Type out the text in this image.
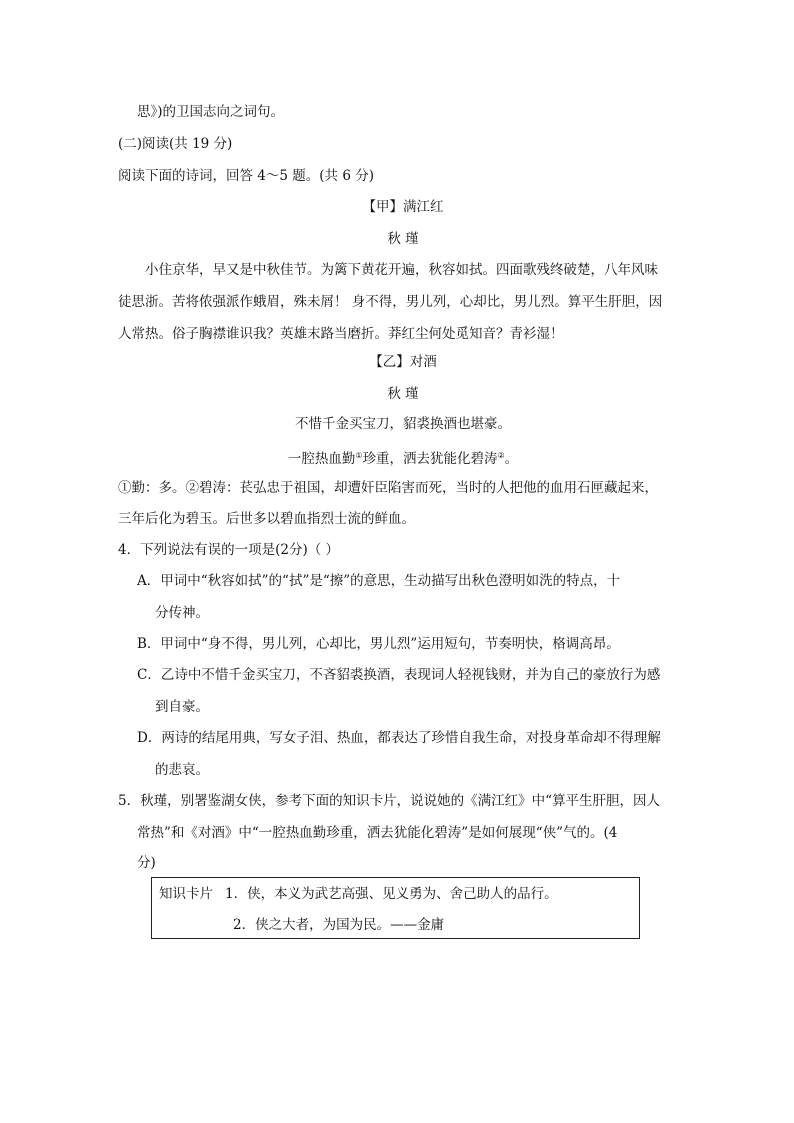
思》)的卫国志向之词句。
(二)阅读(共 19 分)
阅读下面的诗词，回答 4～5 题。(共 6 分)
【甲】满江红
秋 瑾
小住京华，早又是中秋佳节。为篱下黄花开遍，秋容如拭。四面歌残终破楚，八年风味
徒思浙。苦将侬强派作蛾眉，殊未屑！ 身不得，男儿列，心却比，男儿烈。算平生肝胆，因
人常热。俗子胸襟谁识我？英雄末路当磨折。莽红尘何处觅知音？青衫湿！
【乙】对酒
秋 瑾
不惜千金买宝刀，貂裘换酒也堪豪。
一腔热血勤①珍重，洒去犹能化碧涛②。
①勤：多。②碧涛：苌弘忠于祖国，却遭奸臣陷害而死，当时的人把他的血用石匣藏起来，
三年后化为碧玉。后世多以碧血指烈士流的鲜血。
4．下列说法有误的一项是(2分)（ ）
A．甲词中“秋容如拭”的“拭”是“擦”的意思，生动描写出秋色澄明如洗的特点，十
分传神。
B．甲词中“身不得，男儿列，心却比，男儿烈”运用短句，节奏明快，格调高昂。
C．乙诗中不惜千金买宝刀，不吝貂裘换酒，表现词人轻视钱财，并为自己的豪放行为感
到自豪。
D．两诗的结尾用典，写女子泪、热血，都表达了珍惜自我生命，对投身革命却不得理解
的悲哀。
5．秋瑾，别署鉴湖女侠，参考下面的知识卡片，说说她的《满江红》中“算平生肝胆，因人
常热”和《对酒》中“一腔热血勤珍重，洒去犹能化碧涛”是如何展现“侠”气的。(4
分)
知识卡片 1．侠，本义为武艺高强、见义勇为、舍己助人的品行。
2．侠之大者，为国为民。——金庸
